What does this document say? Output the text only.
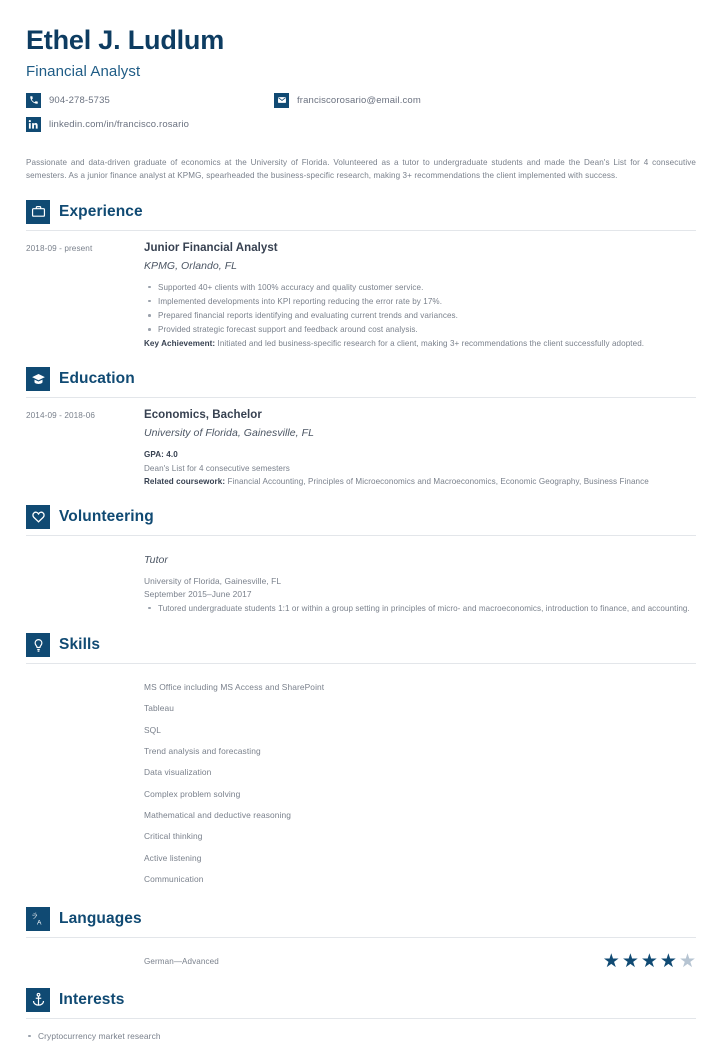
Ethel J. Ludlum
Financial Analyst
904-278-5735	franciscorosario@email.com
linkedin.com/in/francisco.rosario

Passionate and data-driven graduate of economics at the University of Florida. Volunteered as a tutor to undergraduate students and made the Dean's List for 4 consecutive semesters. As a junior finance analyst at KPMG, spearheaded the business-specific research, making 3+ recommendations the client implemented with success.

Experience
2018-09 - present	Junior Financial Analyst
KPMG, Orlando, FL
Supported 40+ clients with 100% accuracy and quality customer service.
Implemented developments into KPI reporting reducing the error rate by 17%.
Prepared financial reports identifying and evaluating current trends and variances.
Provided strategic forecast support and feedback around cost analysis.
Key Achievement: Initiated and led business-specific research for a client, making 3+ recommendations the client successfully adopted.
Education
2014-09 - 2018-06	Economics, Bachelor
University of Florida, Gainesville, FL
GPA: 4.0
Dean's List for 4 consecutive semesters
Related coursework: Financial Accounting, Principles of Microeconomics and Macroeconomics, Economic Geography, Business Finance
Volunteering
Tutor
University of Florida, Gainesville, FL
September 2015–June 2017
Tutored undergraduate students 1:1 or within a group setting in principles of micro- and macroeconomics, introduction to finance, and accounting.
Skills
MS Office including MS Access and SharePoint
Tableau
SQL
Trend analysis and forecasting
Data visualization
Complex problem solving
Mathematical and deductive reasoning
Critical thinking
Active listening
Communication
ラ
A Languages
German—Advanced	★ ★ ★ ★ ★
Interests
Cryptocurrency market research
